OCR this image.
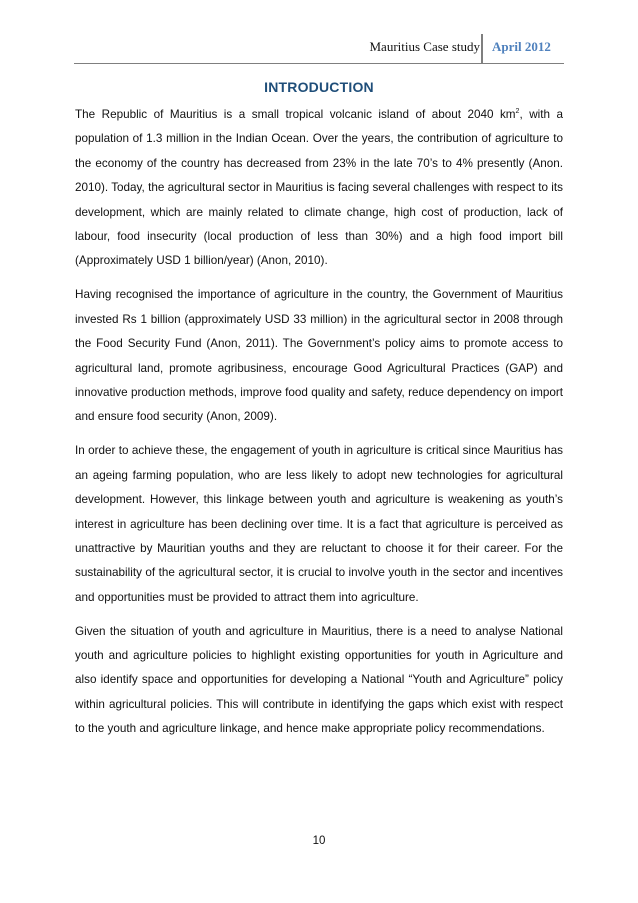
Mauritius Case study April 2012
INTRODUCTION

The Republic of Mauritius is a small tropical volcanic island of about 2040 $km^2$, with a population of 1.3 million in the Indian Ocean. Over the years, the contribution of agriculture to the economy of the country has decreased from 23% in the late 70’s to 4% presently (Anon. 2010). Today, the agricultural sector in Mauritius is facing several challenges with respect to its development, which are mainly related to climate change, high cost of production, lack of labour, food insecurity (local production of less than 30%) and a high food import bill (Approximately USD 1 billion/year) (Anon, 2010).

Having recognised the importance of agriculture in the country, the Government of Mauritius invested Rs 1 billion (approximately USD 33 million) in the agricultural sector in 2008 through the Food Security Fund (Anon, 2011). The Government’s policy aims to promote access to agricultural land, promote agribusiness, encourage Good Agricultural Practices (GAP) and innovative production methods, improve food quality and safety, reduce dependency on import and ensure food security (Anon, 2009).

In order to achieve these, the engagement of youth in agriculture is critical since Mauritius has an ageing farming population, who are less likely to adopt new technologies for agricultural development. However, this linkage between youth and agriculture is weakening as youth’s interest in agriculture has been declining over time. It is a fact that agriculture is perceived as unattractive by Mauritian youths and they are reluctant to choose it for their career. For the sustainability of the agricultural sector, it is crucial to involve youth in the sector and incentives and opportunities must be provided to attract them into agriculture.

Given the situation of youth and agriculture in Mauritius, there is a need to analyse National youth and agriculture policies to highlight existing opportunities for youth in Agriculture and also identify space and opportunities for developing a National “Youth and Agriculture” policy within agricultural policies. This will contribute in identifying the gaps which exist with respect to the youth and agriculture linkage, and hence make appropriate policy recommendations.

10
